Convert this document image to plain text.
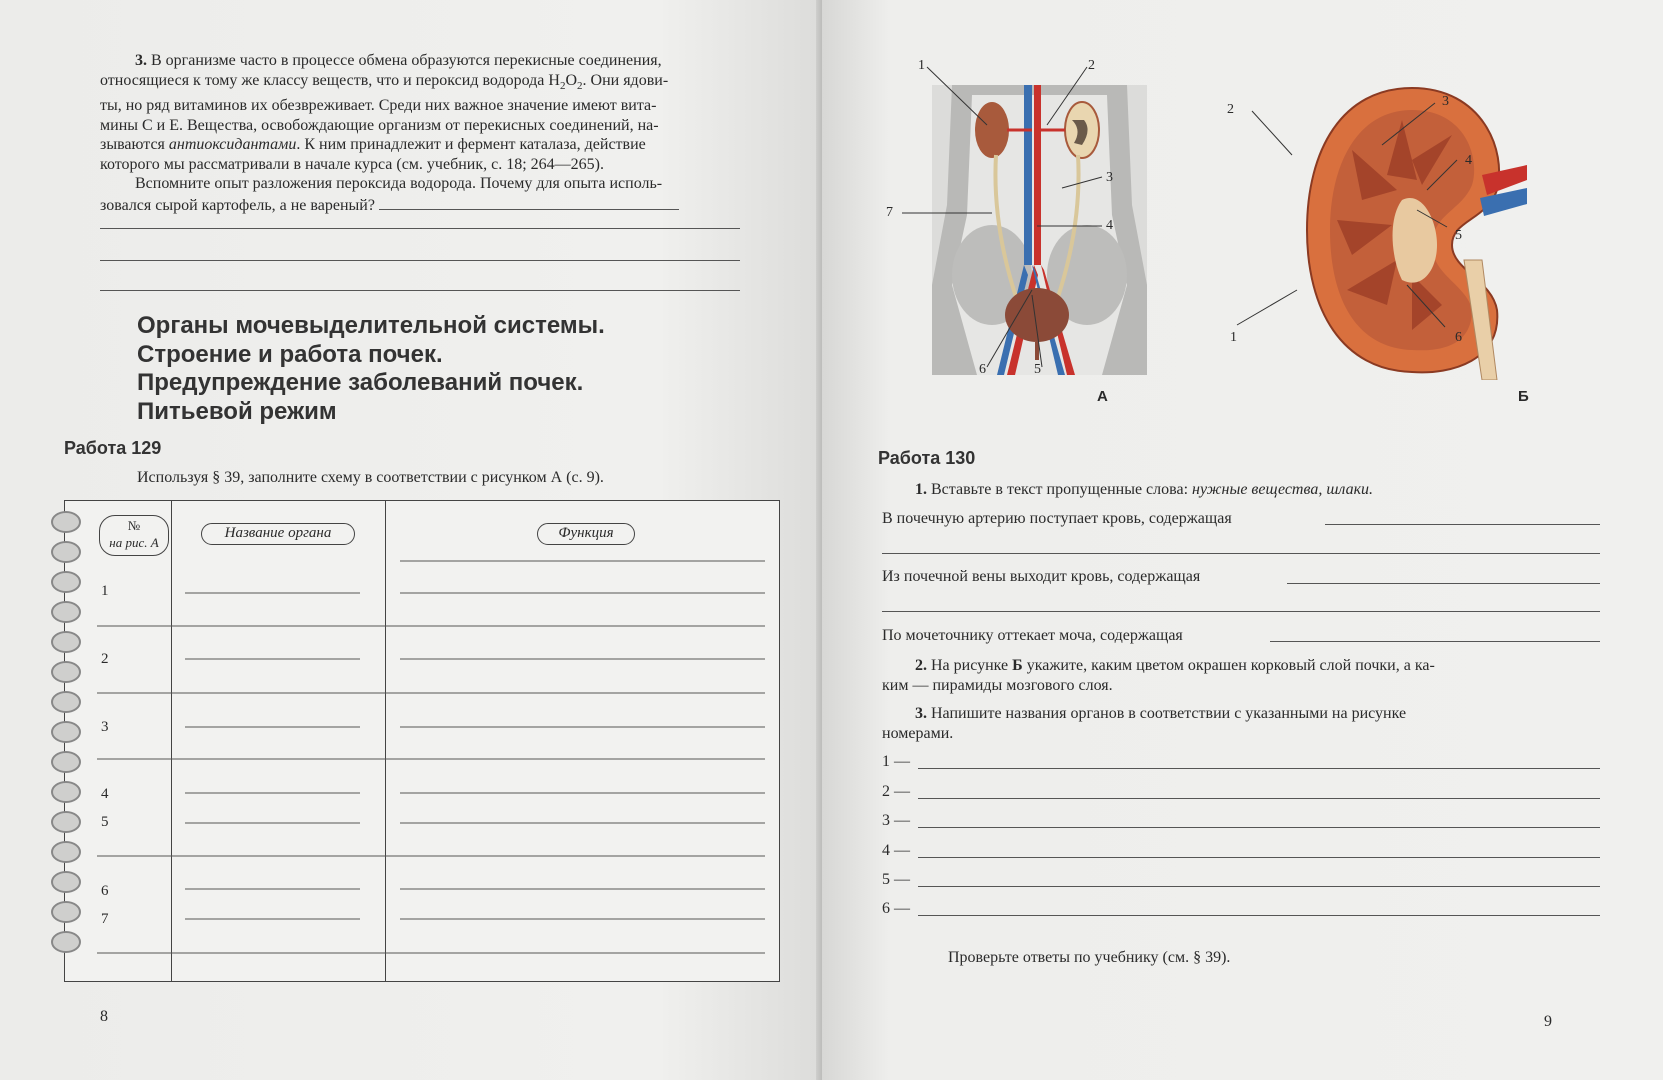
3. В организме часто в процессе обмена образуются перекисные соединения,
относящиеся к тому же классу веществ, что и пероксид водорода $H_2O_2$. Они ядови-
ты, но ряд витаминов их обезвреживает. Среди них важное значение имеют вита-
мины С и Е. Вещества, освобождающие организм от перекисных соединений, на-
зываются антиоксидантами. К ним принадлежит и фермент каталаза, действие
которого мы рассматривали в начале курса (см. учебник, с. 18; 264—265).
Вспомните опыт разложения пероксида водорода. Почему для опыта исполь-
зовался сырой картофель, а не вареный?
Органы мочевыделительной системы.
Строение и работа почек.
Предупреждение заболеваний почек.
Питьевой режим
Работа 129
Используя § 39, заполните схему в соответствии с рисунком А (с. 9).
№
на рис. А
Название органа	Функция
1
2
3
4
5
6
7
8
1	2
3
4
5
6
7
А
1
2
3
4
5
6
Б
Работа 130
1. Вставьте в текст пропущенные слова: нужные вещества, шлаки.
В почечную артерию поступает кровь, содержащая
Из почечной вены выходит кровь, содержащая
По мочеточнику оттекает моча, содержащая
2. На рисунке Б укажите, каким цветом окрашен корковый слой почки, а ка-
ким — пирамиды мозгового слоя.
3. Напишите названия органов в соответствии с указанными на рисунке
номерами.
1 —
2 —
3 —
4 —
5 —
6 —
Проверьте ответы по учебнику (см. § 39).
9
